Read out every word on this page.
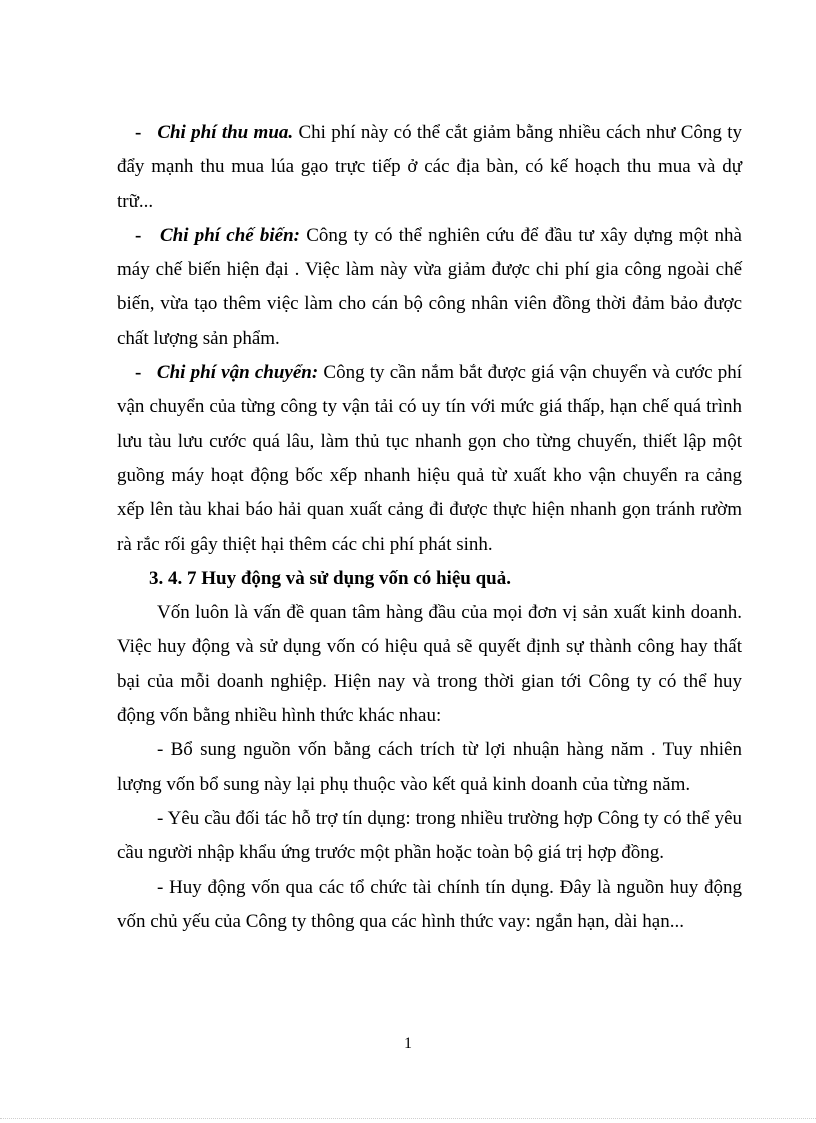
- Chi phí thu mua. Chi phí này có thể cắt giảm bằng nhiều cách như Công ty đẩy mạnh thu mua lúa gạo trực tiếp ở các địa bàn, có kế hoạch thu mua và dự trữ...

- Chi phí chế biến: Công ty có thể nghiên cứu để đầu tư xây dựng một nhà máy chế biến hiện đại . Việc làm này vừa giảm được chi phí gia công ngoài chế biến, vừa tạo thêm việc làm cho cán bộ công nhân viên đồng thời đảm bảo được chất lượng sản phẩm.

- Chi phí vận chuyển: Công ty cần nắm bắt được giá vận chuyển và cước phí vận chuyển của từng công ty vận tải có uy tín với mức giá thấp, hạn chế quá trình lưu tàu lưu cước quá lâu, làm thủ tục nhanh gọn cho từng chuyến, thiết lập một guồng máy hoạt động bốc xếp nhanh hiệu quả từ xuất kho vận chuyển ra cảng xếp lên tàu khai báo hải quan xuất cảng đi được thực hiện nhanh gọn tránh rườm rà rắc rối gây thiệt hại thêm các chi phí phát sinh.

3. 4. 7 Huy động và sử dụng vốn có hiệu quả.

Vốn luôn là vấn đề quan tâm hàng đầu của mọi đơn vị sản xuất kinh doanh. Việc huy động và sử dụng vốn có hiệu quả sẽ quyết định sự thành công hay thất bại của mỗi doanh nghiệp. Hiện nay và trong thời gian tới Công ty có thể huy động vốn bằng nhiều hình thức khác nhau:

- Bổ sung nguồn vốn bằng cách trích từ lợi nhuận hàng năm . Tuy nhiên lượng vốn bổ sung này lại phụ thuộc vào kết quả kinh doanh của từng năm.

- Yêu cầu đối tác hỗ trợ tín dụng: trong nhiều trường hợp Công ty có thể yêu cầu người nhập khẩu ứng trước một phần hoặc toàn bộ giá trị hợp đồng.

- Huy động vốn qua các tổ chức tài chính tín dụng. Đây là nguồn huy động vốn chủ yếu của Công ty thông qua các hình thức vay: ngắn hạn, dài hạn...

1
